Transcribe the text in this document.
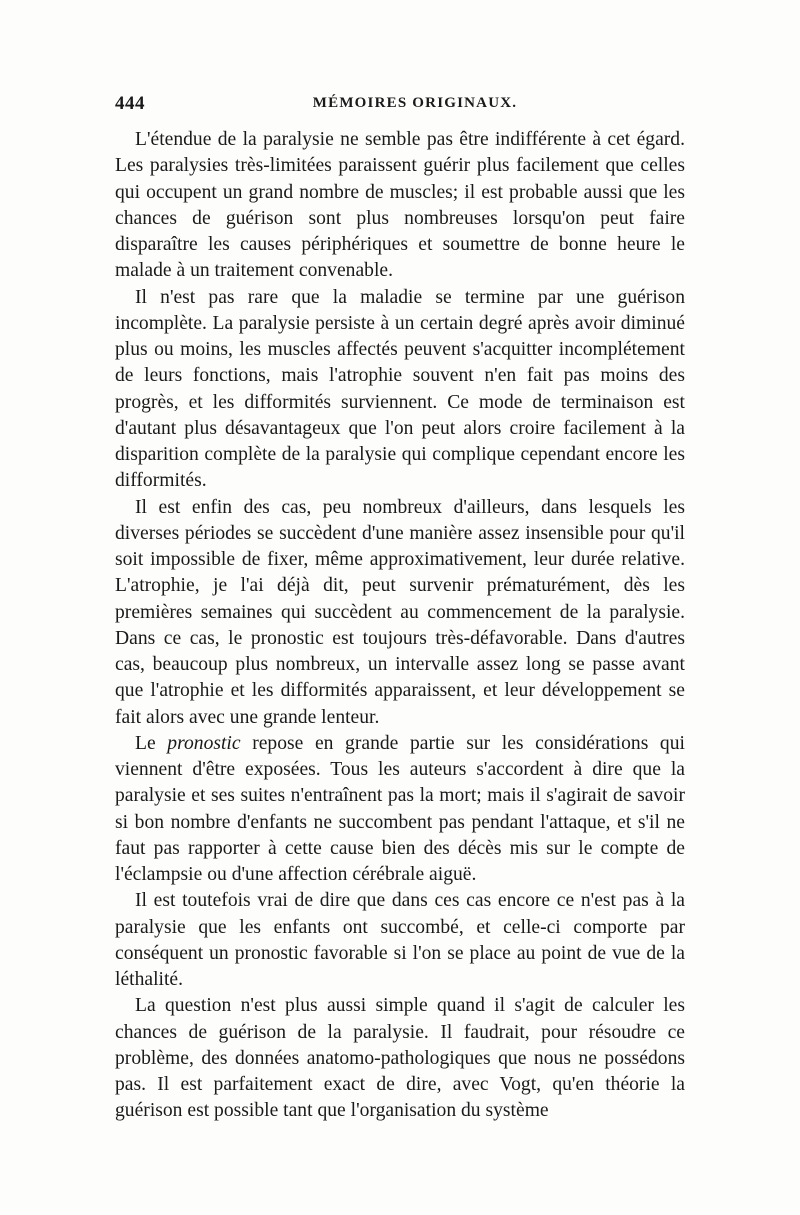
444	MÉMOIRES ORIGINAUX.

L'étendue de la paralysie ne semble pas être indifférente à cet égard. Les paralysies très-limitées paraissent guérir plus facilement que celles qui occupent un grand nombre de muscles; il est probable aussi que les chances de guérison sont plus nombreuses lorsqu'on peut faire disparaître les causes périphériques et soumettre de bonne heure le malade à un traitement convenable.

Il n'est pas rare que la maladie se termine par une guérison incomplète. La paralysie persiste à un certain degré après avoir diminué plus ou moins, les muscles affectés peuvent s'acquitter incomplétement de leurs fonctions, mais l'atrophie souvent n'en fait pas moins des progrès, et les difformités surviennent. Ce mode de terminaison est d'autant plus désavantageux que l'on peut alors croire facilement à la disparition complète de la paralysie qui complique cependant encore les difformités.

Il est enfin des cas, peu nombreux d'ailleurs, dans lesquels les diverses périodes se succèdent d'une manière assez insensible pour qu'il soit impossible de fixer, même approximativement, leur durée relative. L'atrophie, je l'ai déjà dit, peut survenir prématurément, dès les premières semaines qui succèdent au commencement de la paralysie. Dans ce cas, le pronostic est toujours très-défavorable. Dans d'autres cas, beaucoup plus nombreux, un intervalle assez long se passe avant que l'atrophie et les difformités apparaissent, et leur développement se fait alors avec une grande lenteur.

Le pronostic repose en grande partie sur les considérations qui viennent d'être exposées. Tous les auteurs s'accordent à dire que la paralysie et ses suites n'entraînent pas la mort; mais il s'agirait de savoir si bon nombre d'enfants ne succombent pas pendant l'attaque, et s'il ne faut pas rapporter à cette cause bien des décès mis sur le compte de l'éclampsie ou d'une affection cérébrale aiguë.

Il est toutefois vrai de dire que dans ces cas encore ce n'est pas à la paralysie que les enfants ont succombé, et celle-ci comporte par conséquent un pronostic favorable si l'on se place au point de vue de la léthalité.

La question n'est plus aussi simple quand il s'agit de calculer les chances de guérison de la paralysie. Il faudrait, pour résoudre ce problème, des données anatomo-pathologiques que nous ne possédons pas. Il est parfaitement exact de dire, avec Vogt, qu'en théorie la guérison est possible tant que l'organisation du système
